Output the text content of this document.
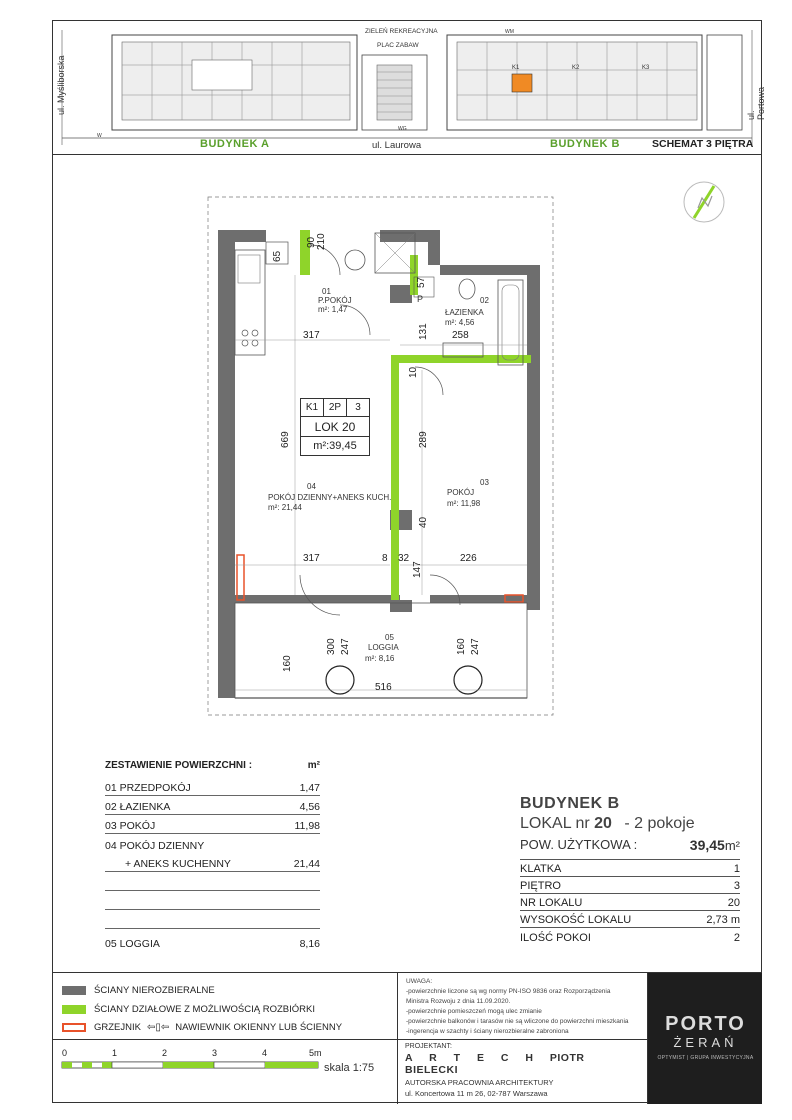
ul. Myśliborska
ul. Portowa
ul. Laurowa
ZIELEŃ REKREACYJNA
PLAC ZABAW
K1	K2	K3
WG
W
WM
BUDYNEK A	BUDYNEK B	SCHEMAT 3 PIĘTRA
01
P.POKÓJ
m²: 1,47
02
ŁAZIENKA
m²: 4,56
03
POKÓJ
m²: 11,98
04
POKÓJ DZIENNY+ANEKS KUCH.
m²: 21,44
05
LOGGIA
m²: 8,16
P
K1	2P	3
LOK 20
m²:39,45
317	258
317	8 32	226
516
669	289
131
57
65
90 210
10
40
147
160
300 247	160 247
ZESTAWIENIE POWIERZCHNI :	m²
01 PRZEDPOKÓJ	1,47
02 ŁAZIENKA	4,56
03 POKÓJ	11,98
04 POKÓJ DZIENNY
+ ANEKS KUCHENNY	21,44
05 LOGGIA	8,16
BUDYNEK B
LOKAL nr 20 - 2 pokoje
POW. UŻYTKOWA :	39,45m²
KLATKA	1
PIĘTRO	3
NR LOKALU	20
WYSOKOŚĆ LOKALU	2,73 m
ILOŚĆ POKOI	2
ŚCIANY NIEROZBIERALNE
ŚCIANY DZIAŁOWE Z MOŻLIWOŚCIĄ ROZBIÓRKI
GRZEJNIK ⇦▯⇦ NAWIEWNIK OKIENNY LUB ŚCIENNY
0	1	2	3	4	5m
skala 1:75
UWAGA:
-powierzchnie liczone są wg normy PN-ISO 9836 oraz Rozporządzenia
Ministra Rozwoju z dnia 11.09.2020.
-powierzchnie pomieszczeń mogą ulec zmianie
-powierzchnie balkonów i tarasów nie są wliczone do powierzchni mieszkania
-ingerencja w szachty i ściany nierozbieralne zabroniona
PROJEKTANT:
A R T E C H PIOTR BIELECKI
AUTORSKA PRACOWNIA ARCHITEKTURY
ul. Koncertowa 11 m 26, 02-787 Warszawa
PORTO
ŻERAŃ
OPTYMIST | GRUPA INWESTYCYJNA
